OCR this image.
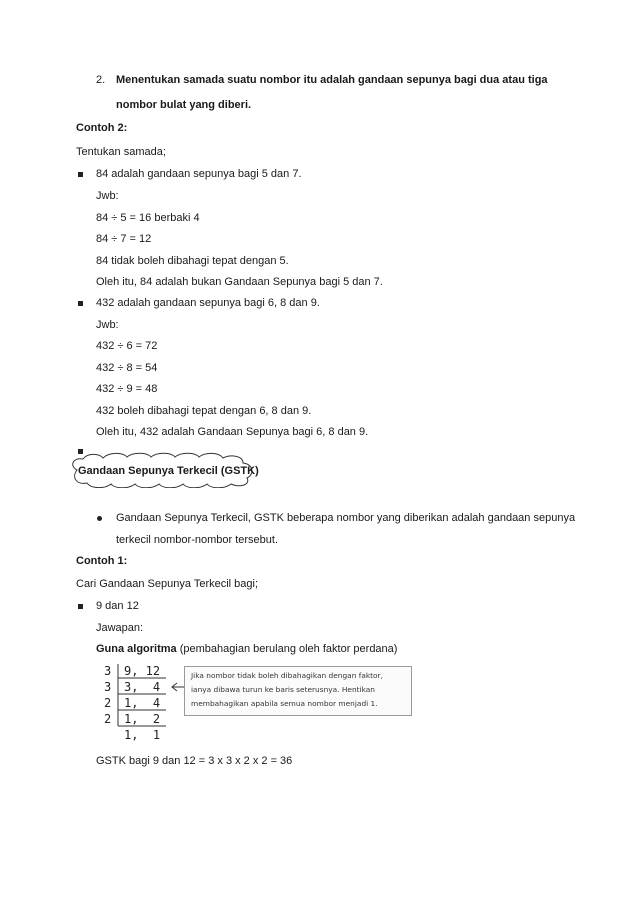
2. Menentukan samada suatu nombor itu adalah gandaan sepunya bagi dua atau tiga
nombor bulat yang diberi.
Contoh 2:
Tentukan samada;
84 adalah gandaan sepunya bagi 5 dan 7.
Jwb:
84 ÷ 5 = 16 berbaki 4
84 ÷ 7 = 12
84 tidak boleh dibahagi tepat dengan 5.
Oleh itu, 84 adalah bukan Gandaan Sepunya bagi 5 dan 7.
432 adalah gandaan sepunya bagi 6, 8 dan 9.
Jwb:
432 ÷ 6 = 72
432 ÷ 8 = 54
432 ÷ 9 = 48
432 boleh dibahagi tepat dengan 6, 8 dan 9.
Oleh itu, 432 adalah Gandaan Sepunya bagi 6, 8 dan 9.
Gandaan Sepunya Terkecil (GSTK)
Gandaan Sepunya Terkecil, GSTK beberapa nombor yang diberikan adalah gandaan sepunya
terkecil nombor-nombor tersebut.
Contoh 1:
Cari Gandaan Sepunya Terkecil bagi;
9 dan 12
Jawapan:
Guna algoritma (pembahagian berulang oleh faktor perdana)
3
3
2
2
9, 12
3,  4
1,  4
1,  2
1,  1
Jika nombor tidak boleh dibahagikan dengan faktor,
ianya dibawa turun ke baris seterusnya. Hentikan
membahagikan apabila semua nombor menjadi 1.
GSTK bagi 9 dan 12 = 3 x 3 x 2 x 2 = 36
